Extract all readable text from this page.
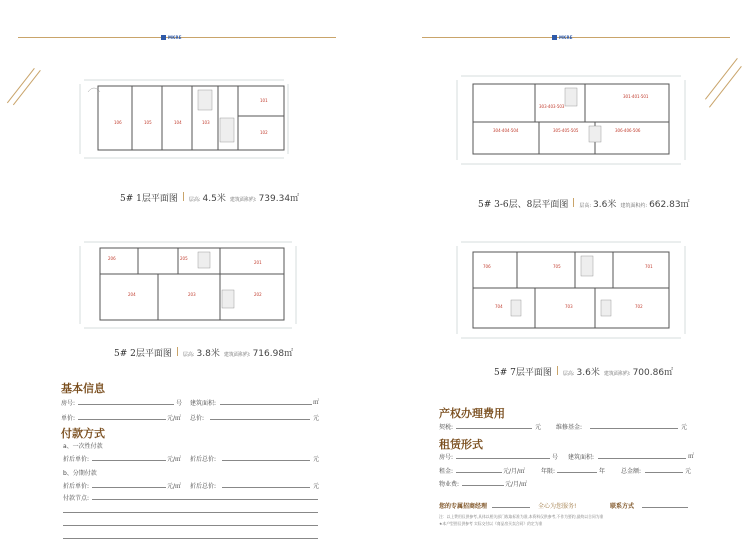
MKRE	MKRE
106	105	104	103
101
102
5# 1层平面图 层高: 4.5米 建筑面积约: 739.34㎡
301·401·501
303·403·503
304·404·504	305·405·505	306·406·506
5# 3-6层、8层平面图 层高: 3.6米 建筑面积约: 662.83㎡
206	205
204	203
201
202
5# 2层平面图 层高: 3.8米 建筑面积约: 716.98㎡
706	705	701
704	703	702
5# 7层平面图 层高: 3.6米 建筑面积约: 700.86㎡
基本信息
房号:	号 建筑面积:	㎡
单价:	元/㎡ 总价:	元
付款方式
a、一次性付款
折后单价:	元/㎡ 折后总价:	元
b、分期付款
折后单价:	元/㎡ 折后总价:	元
付款节点:
产权办理费用
契税:	元 维修基金:	元
租赁形式
房号:	号 建筑面积:	㎡
租金:	元/月/㎡	年限:	年	总金额:	元
物业费:	元/月/㎡
您的专属招商经理	全心为您服务!	联系方式
注：以上费用仅供参考,具体以相关部门收取标准为准,本资料仅供参考,不作为要约,最终以合同为准
★本户型图仅供参考 实际交付以《商品房买卖合同》约定为准
